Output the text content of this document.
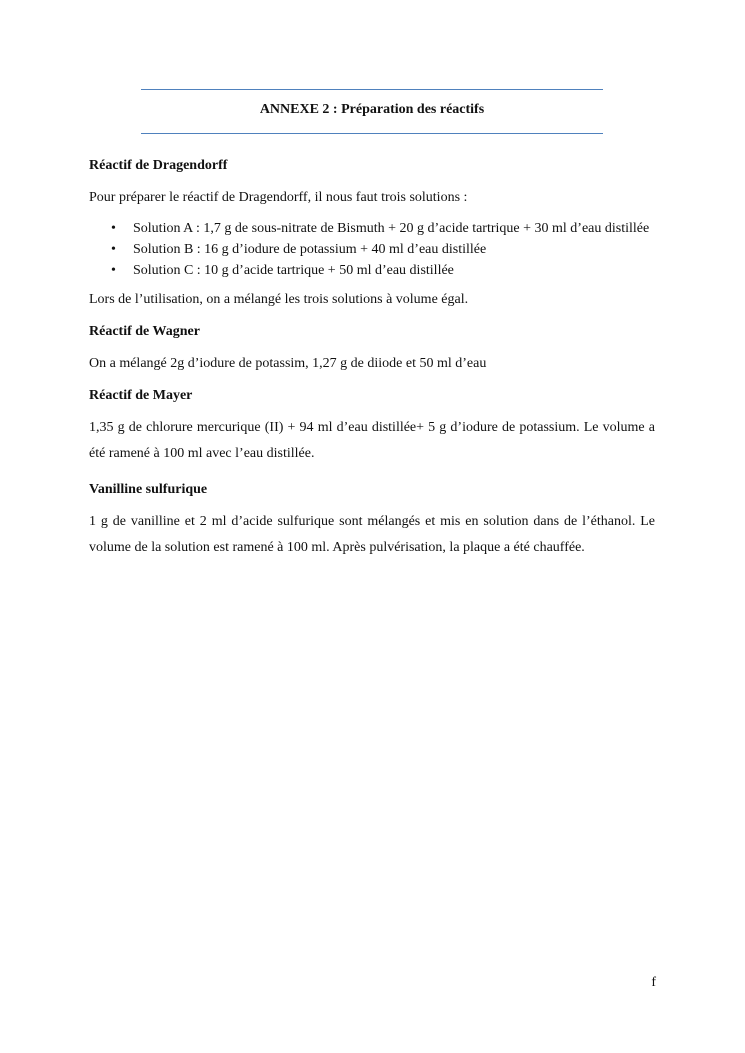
ANNEXE 2 : Préparation des réactifs

Réactif de Dragendorff

Pour préparer le réactif de Dragendorff, il nous faut trois solutions :

• Solution A : 1,7 g de sous-nitrate de Bismuth + 20 g d’acide tartrique + 30 ml d’eau distillée
• Solution B : 16 g d’iodure de potassium + 40 ml d’eau distillée
• Solution C : 10 g d’acide tartrique + 50 ml d’eau distillée

Lors de l’utilisation, on a mélangé les trois solutions à volume égal.

Réactif de Wagner

On a mélangé 2g d’iodure de potassim, 1,27 g de diiode et 50 ml d’eau

Réactif de Mayer

1,35 g de chlorure mercurique (II) + 94 ml d’eau distillée+ 5 g d’iodure de potassium. Le volume a été ramené à 100 ml avec l’eau distillée.

Vanilline sulfurique

1 g de vanilline et 2 ml d’acide sulfurique sont mélangés et mis en solution dans de l’éthanol. Le volume de la solution est ramené à 100 ml. Après pulvérisation, la plaque a été chauffée.

f
